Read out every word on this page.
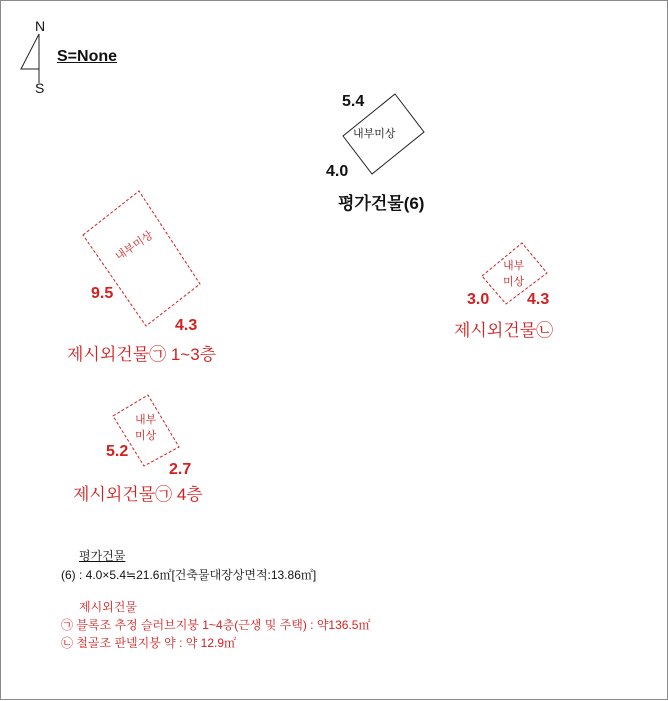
N
S
S=None
5.4
내부미상
4.0
평가건물(6)
내부미상
9.5
4.3
제시외건물㉠ 1~3층
내부
미상
3.0 4.3
제시외건물㉡
내부
미상
5.2
2.7
제시외건물㉠ 4층
평가건물
(6) : 4.0×5.4≒21.6㎡[건축물대장상면적:13.86㎡]
제시외건물
㉠ 블록조 추정 슬러브지붕 1~4층(근생 및 주택) : 약136.5㎡
㉡ 철골조 판넬지붕 약 : 약 12.9㎡
